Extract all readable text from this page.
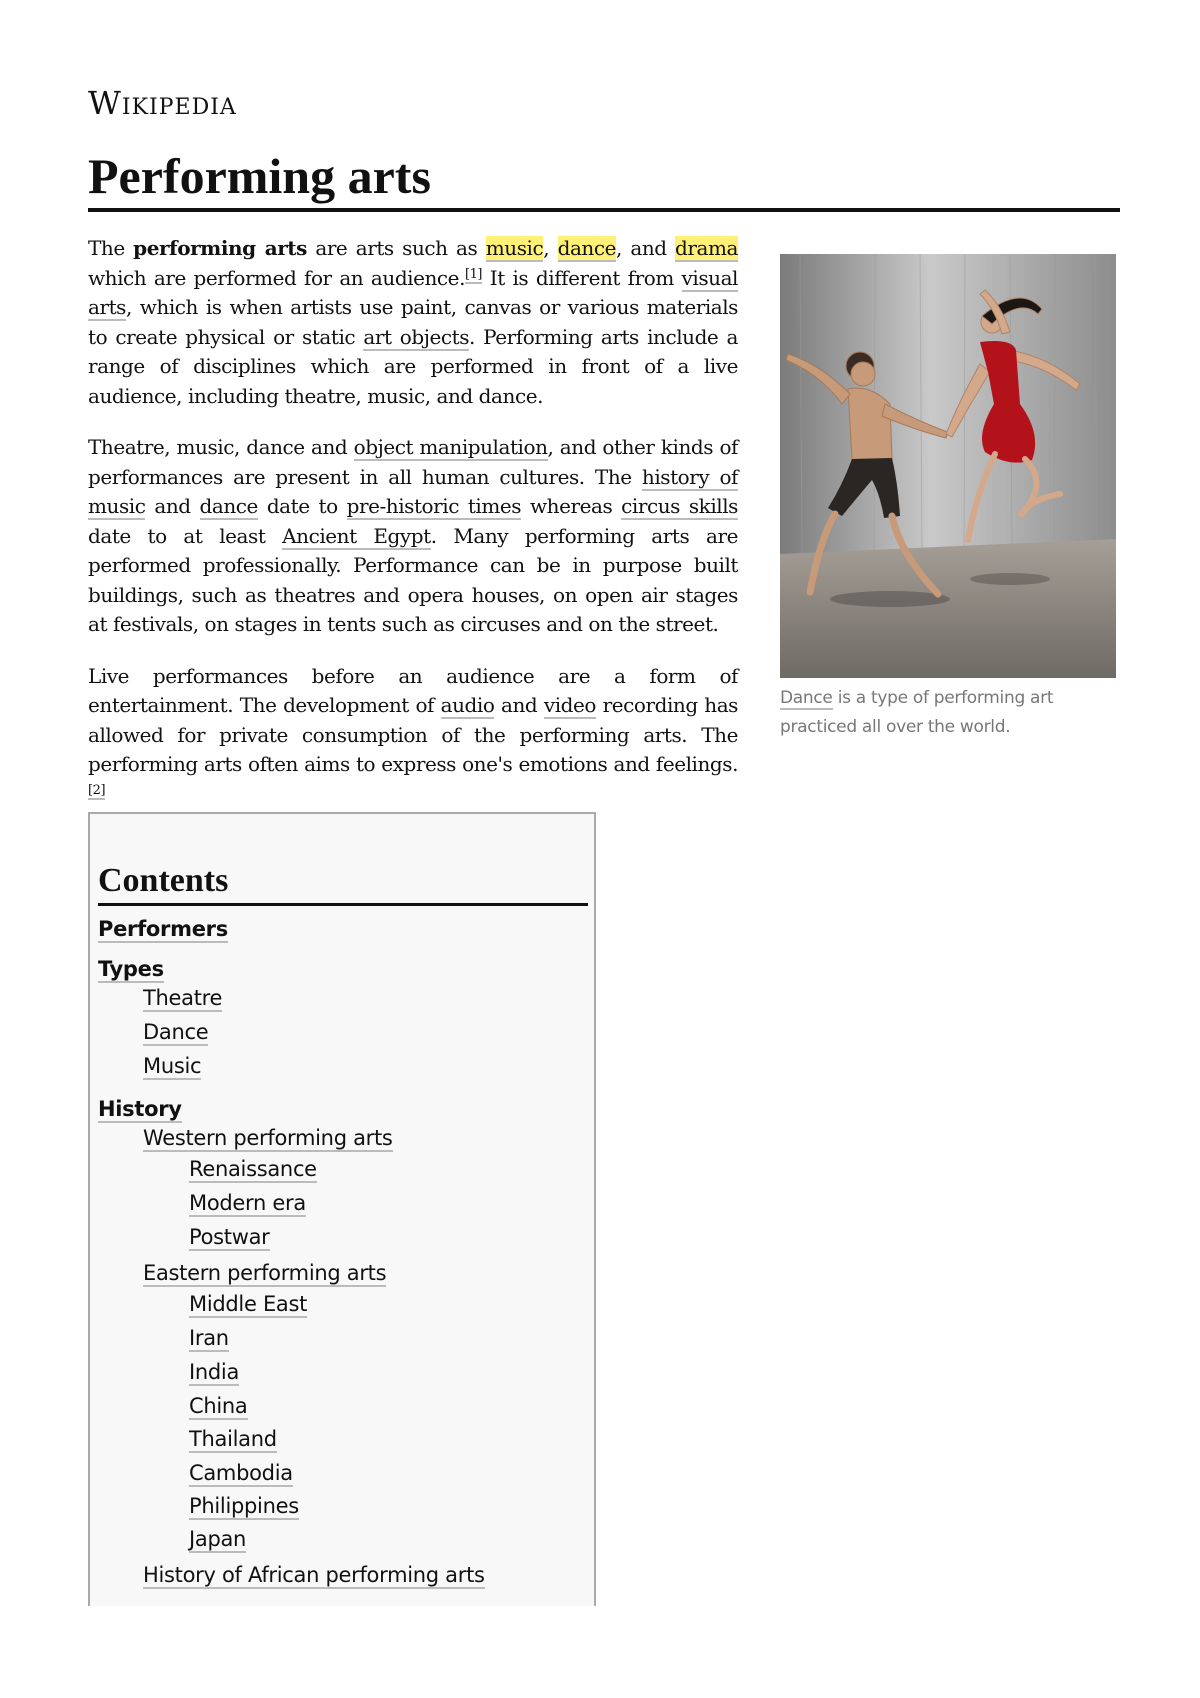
Wikipedia
Performing arts

The performing arts are arts such as music, dance, and drama which are performed for an audience.[1] It is different from visual arts, which is when artists use paint, canvas or various materials to create physical or static art objects. Performing arts include a range of disciplines which are performed in front of a live audience, including theatre, music, and dance.

Theatre, music, dance and object manipulation, and other kinds of performances are present in all human cultures. The history of music and dance date to pre-historic times whereas circus skills date to at least Ancient Egypt. Many performing arts are performed professionally. Performance can be in purpose built buildings, such as theatres and opera houses, on open air stages at festivals, on stages in tents such as circuses and on the street.

Live performances before an audience are a form of entertainment. The development of audio and video recording has allowed for private consumption of the performing arts. The performing arts often aims to express one's emotions and feelings.[2]

Dance is a type of performing art practiced all over the world.
Contents
Performers
Types
Theatre
Dance
Music
History
Western performing arts
Renaissance
Modern era
Postwar
Eastern performing arts
Middle East
Iran
India
China
Thailand
Cambodia
Philippines
Japan
History of African performing arts
